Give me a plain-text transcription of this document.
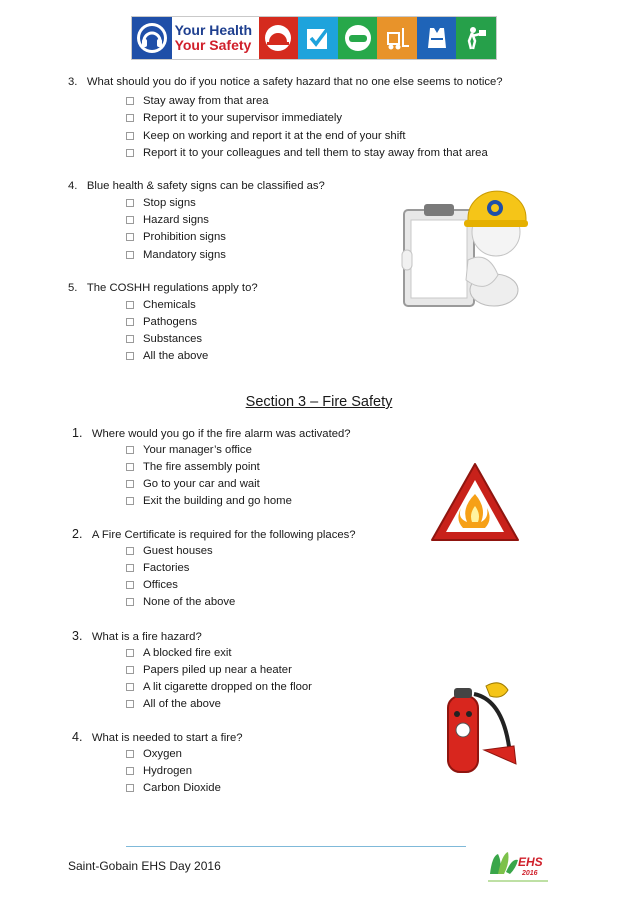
Your Health
Your Safety
3. What should you do if you notice a safety hazard that no one else seems to notice?
Stay away from that area
Report it to your supervisor immediately
Keep on working and report it at the end of your shift
Report it to your colleagues and tell them to stay away from that area
4. Blue health & safety signs can be classified as?
Stop signs
Hazard signs
Prohibition signs
Mandatory signs
5. The COSHH regulations apply to?
Chemicals
Pathogens
Substances
All the above
Section 3 – Fire Safety
1. Where would you go if the fire alarm was activated?
Your manager’s office
The fire assembly point
Go to your car and wait
Exit the building and go home
2. A Fire Certificate is required for the following places?
Guest houses
Factories
Offices
None of the above
3. What is a fire hazard?
A blocked fire exit
Papers piled up near a heater
A lit cigarette dropped on the floor
All of the above
4. What is needed to start a fire?
Oxygen
Hydrogen
Carbon Dioxide
Saint-Gobain EHS Day 2016	EHS
2016
